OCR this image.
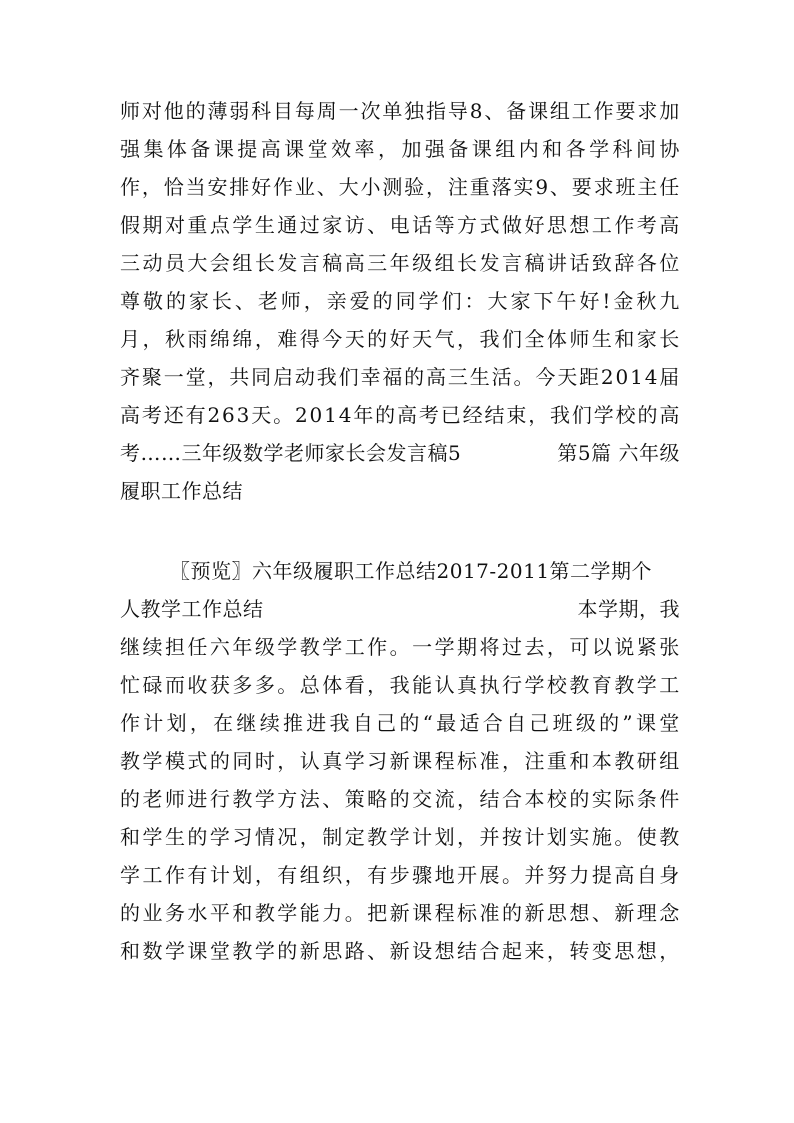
师 对 他 的 薄 弱 科 目 每 周 一 次 单 独 指 导 8 、 备 课 组 工 作 要 求 加
强 集 体 备 课 提 高 课 堂 效 率 ， 加 强 备 课 组 内 和 各 学 科 间 协
作 ， 恰 当 安 排 好 作 业 、 大 小 测 验 ， 注 重 落 实 9 、 要 求 班 主 任
假 期 对 重 点 学 生 通 过 家 访 、 电 话 等 方 式 做 好 思 想 工 作 考 高
三 动 员 大 会 组 长 发 言 稿 高 三 年 级 组 长 发 言 稿 讲 话 致 辞 各 位
尊 敬 的 家 长 、 老 师 ， 亲 爱 的 同 学 们 ： 大 家 下 午 好 ! 金 秋 九
月 ， 秋 雨 绵 绵 ， 难 得 今 天 的 好 天 气 ， 我 们 全 体 师 生 和 家 长
齐 聚 一 堂 ， 共 同 启 动 我 们 幸 福 的 高 三 生 活 。 今 天 距 2 0 1 4 届
高 考 还 有 2 6 3 天 。 2 0 1 4 年 的 高 考 已 经 结 束 ， 我 们 学 校 的 高
考……三年级数学老师家长会发言稿5	第5篇 六年级
履职工作总结
〖预览〗六年级履职工作总结2017-2011第二学期个
人教学工作总结	本学期，我
继 续 担 任 六 年 级 学 教 学 工 作 。 一 学 期 将 过 去 ， 可 以 说 紧 张
忙 碌 而 收 获 多 多 。 总 体 看 ， 我 能 认 真 执 行 学 校 教 育 教 学 工
作 计 划 ， 在 继 续 推 进 我 自 己 的 “ 最 适 合 自 己 班 级 的 ” 课 堂
教 学 模 式 的 同 时 ， 认 真 学 习 新 课 程 标 准 ， 注 重 和 本 教 研 组
的 老 师 进 行 教 学 方 法 、 策 略 的 交 流 ， 结 合 本 校 的 实 际 条 件
和 学 生 的 学 习 情 况 ， 制 定 教 学 计 划 ， 并 按 计 划 实 施 。 使 教
学 工 作 有 计 划 ， 有 组 织 ， 有 步 骤 地 开 展 。 并 努 力 提 高 自 身
的 业 务 水 平 和 教 学 能 力 。 把 新 课 程 标 准 的 新 思 想 、 新 理 念
和 数 学 课 堂 教 学 的 新 思 路 、 新 设 想 结 合 起 来 ， 转 变 思 想 ，
